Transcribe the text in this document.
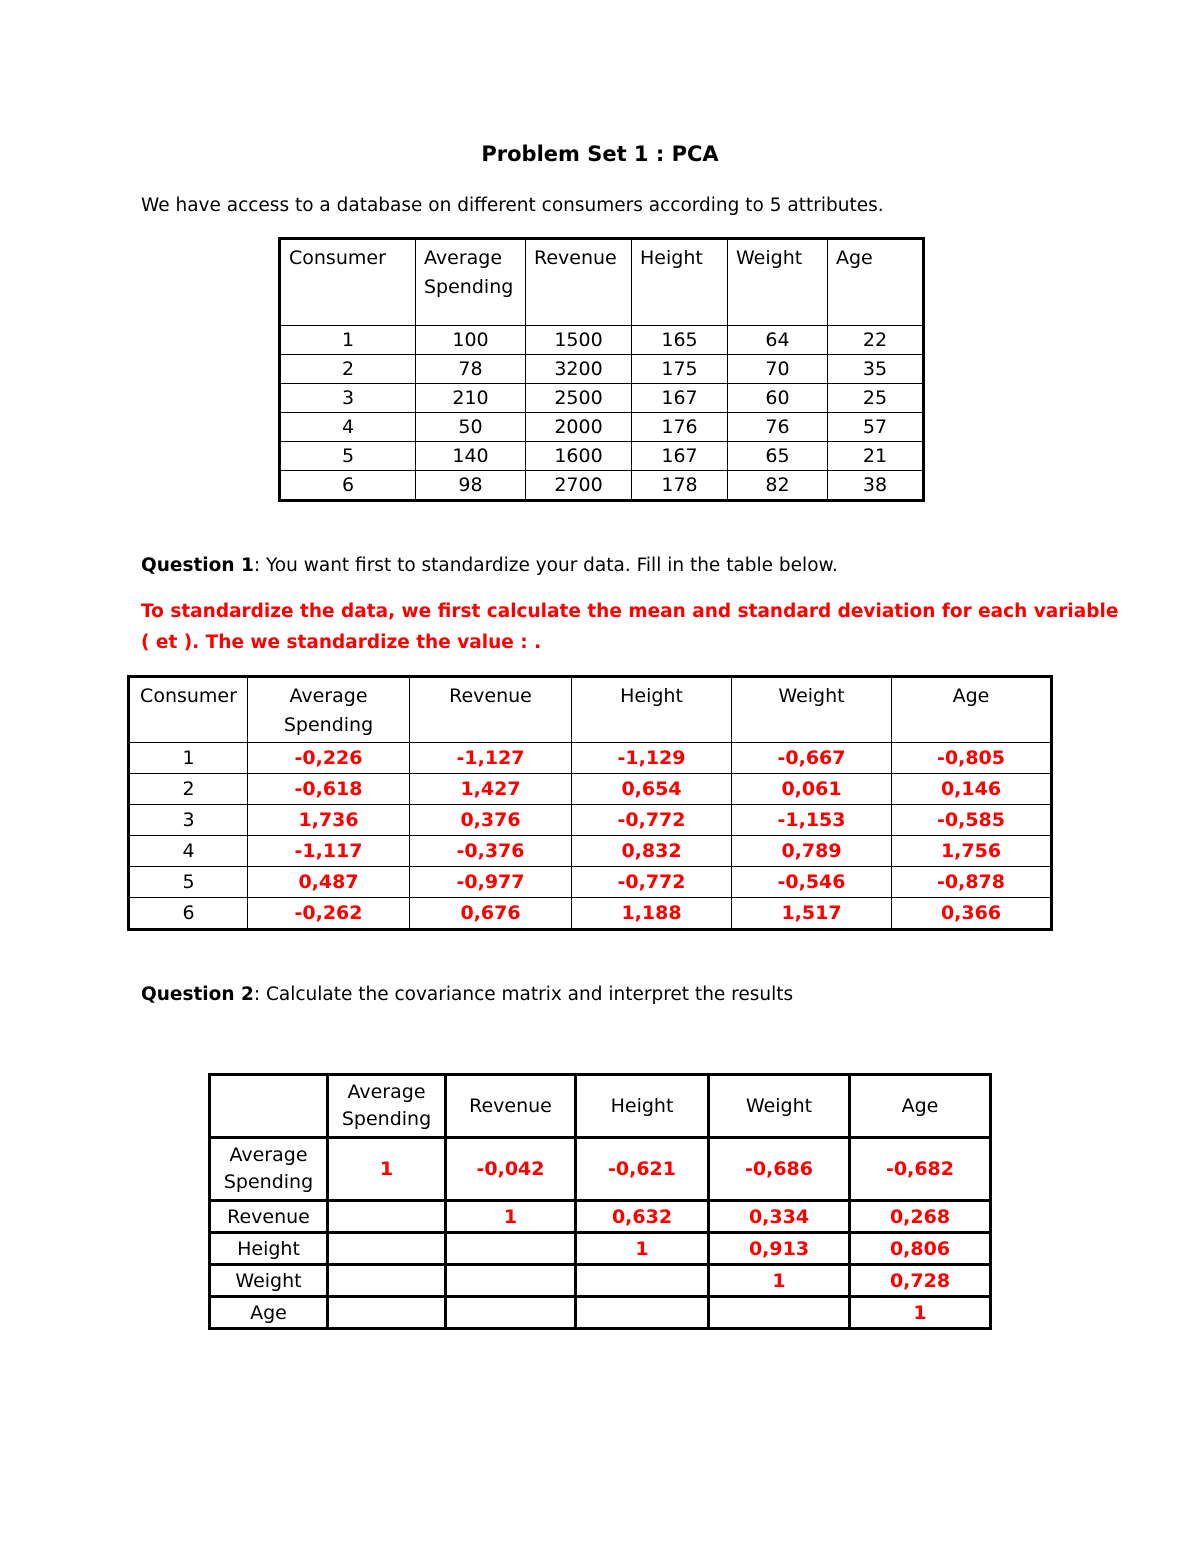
Problem Set 1 : PCA
We have access to a database on different consumers according to 5 attributes.
Consumer	Average Spending	Revenue	Height	Weight	Age

1	100	1500	165	64	22
2	78	3200	175	70	35
3	210	2500	167	60	25
4	50	2000	176	76	57
5	140	1600	167	65	21
6	98	2700	178	82	38
Question 1: You want first to standardize your data. Fill in the table below.
To standardize the data, we first calculate the mean and standard deviation for each variable
( et ). The we standardize the value : .
Consumer	Average Spending	Revenue	Height	Weight	Age
1	-0,226	-1,127	-1,129	-0,667	-0,805
2	-0,618	1,427	0,654	0,061	0,146
3	1,736	0,376	-0,772	-1,153	-0,585
4	-1,117	-0,376	0,832	0,789	1,756
5	0,487	-0,977	-0,772	-0,546	-0,878
6	-0,262	0,676	1,188	1,517	0,366
Question 2: Calculate the covariance matrix and interpret the results
	Average Spending	Revenue	Height	Weight	Age
Average Spending	1	-0,042	-0,621	-0,686	-0,682
Revenue		1	0,632	0,334	0,268
Height			1	0,913	0,806
Weight				1	0,728
Age					1
